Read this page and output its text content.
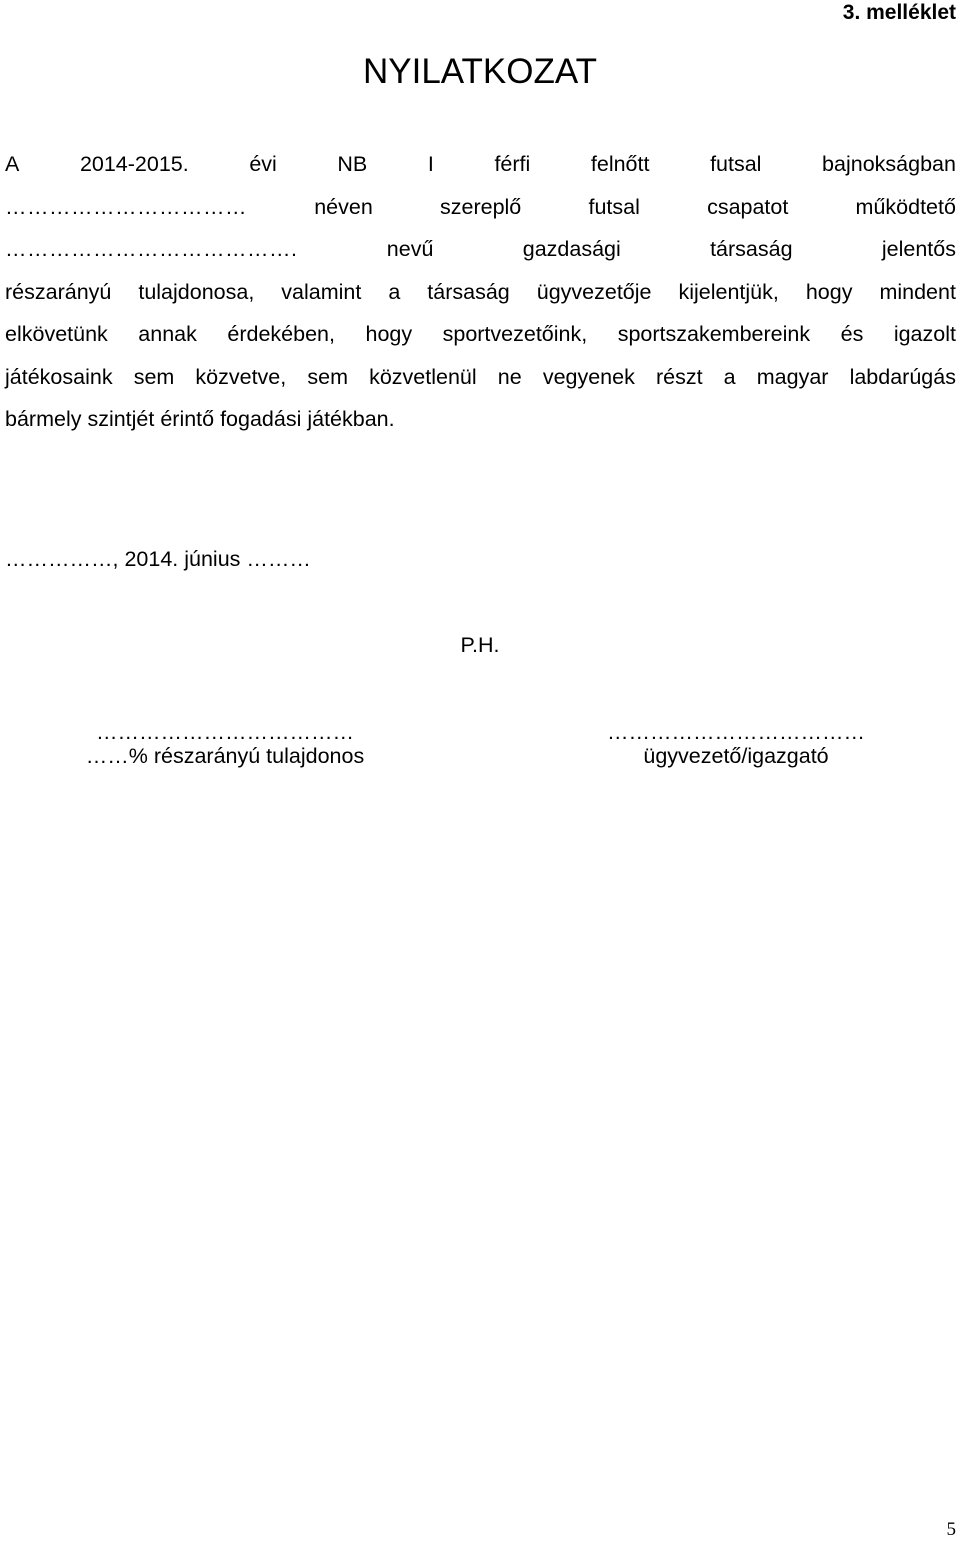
3. melléklet
NYILATKOZAT
A	2014-2015.	évi	NB	I	férfi	felnőtt	futsal	bajnokságban
……………………………	néven	szereplő	futsal	csapatot	működtető
………………………………….	nevű	gazdasági	társaság	jelentős
részarányú tulajdonosa, valamint a társaság ügyvezetője kijelentjük, hogy mindent
elkövetünk annak érdekében, hogy sportvezetőink, sportszakembereink és igazolt
játékosaink sem közvetve, sem közvetlenül ne vegyenek részt a magyar labdarúgás
bármely szintjét érintő fogadási játékban.
……………, 2014. június ………
P.H.
………………………………
……% részarányú tulajdonos
………………………………
ügyvezető/igazgató
5
